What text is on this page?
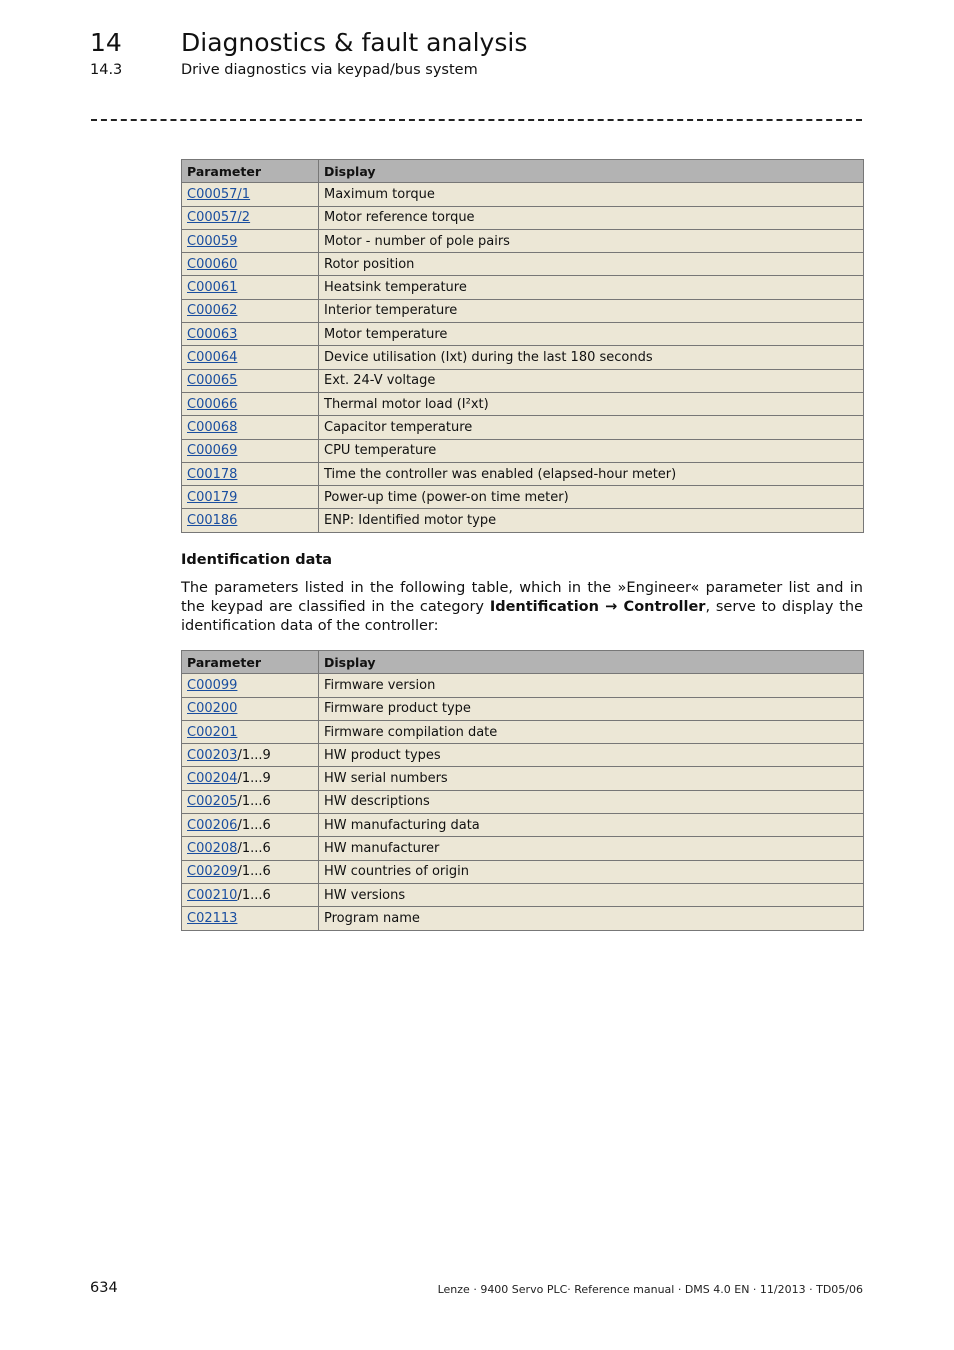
14 Diagnostics & fault analysis
14.3	Drive diagnostics via keypad/bus system
Parameter	Display
C00057/1	Maximum torque
C00057/2	Motor reference torque
C00059	Motor - number of pole pairs
C00060	Rotor position
C00061	Heatsink temperature
C00062	Interior temperature
C00063	Motor temperature
C00064	Device utilisation (Ixt) during the last 180 seconds
C00065	Ext. 24-V voltage
C00066	Thermal motor load (I²xt)
C00068	Capacitor temperature
C00069	CPU temperature
C00178	Time the controller was enabled (elapsed-hour meter)
C00179	Power-up time (power-on time meter)
C00186	ENP: Identified motor type
Identification data

The parameters listed in the following table, which in the »Engineer« parameter list and in the keypad are classified in the category Identification → Controller, serve to display the identification data of the controller:

Parameter	Display
C00099	Firmware version
C00200	Firmware product type
C00201	Firmware compilation date
C00203/1...9	HW product types
C00204/1...9	HW serial numbers
C00205/1...6	HW descriptions
C00206/1...6	HW manufacturing data
C00208/1...6	HW manufacturer
C00209/1...6	HW countries of origin
C00210/1...6	HW versions
C02113	Program name
634	Lenze · 9400 Servo PLC· Reference manual · DMS 4.0 EN · 11/2013 · TD05/06
